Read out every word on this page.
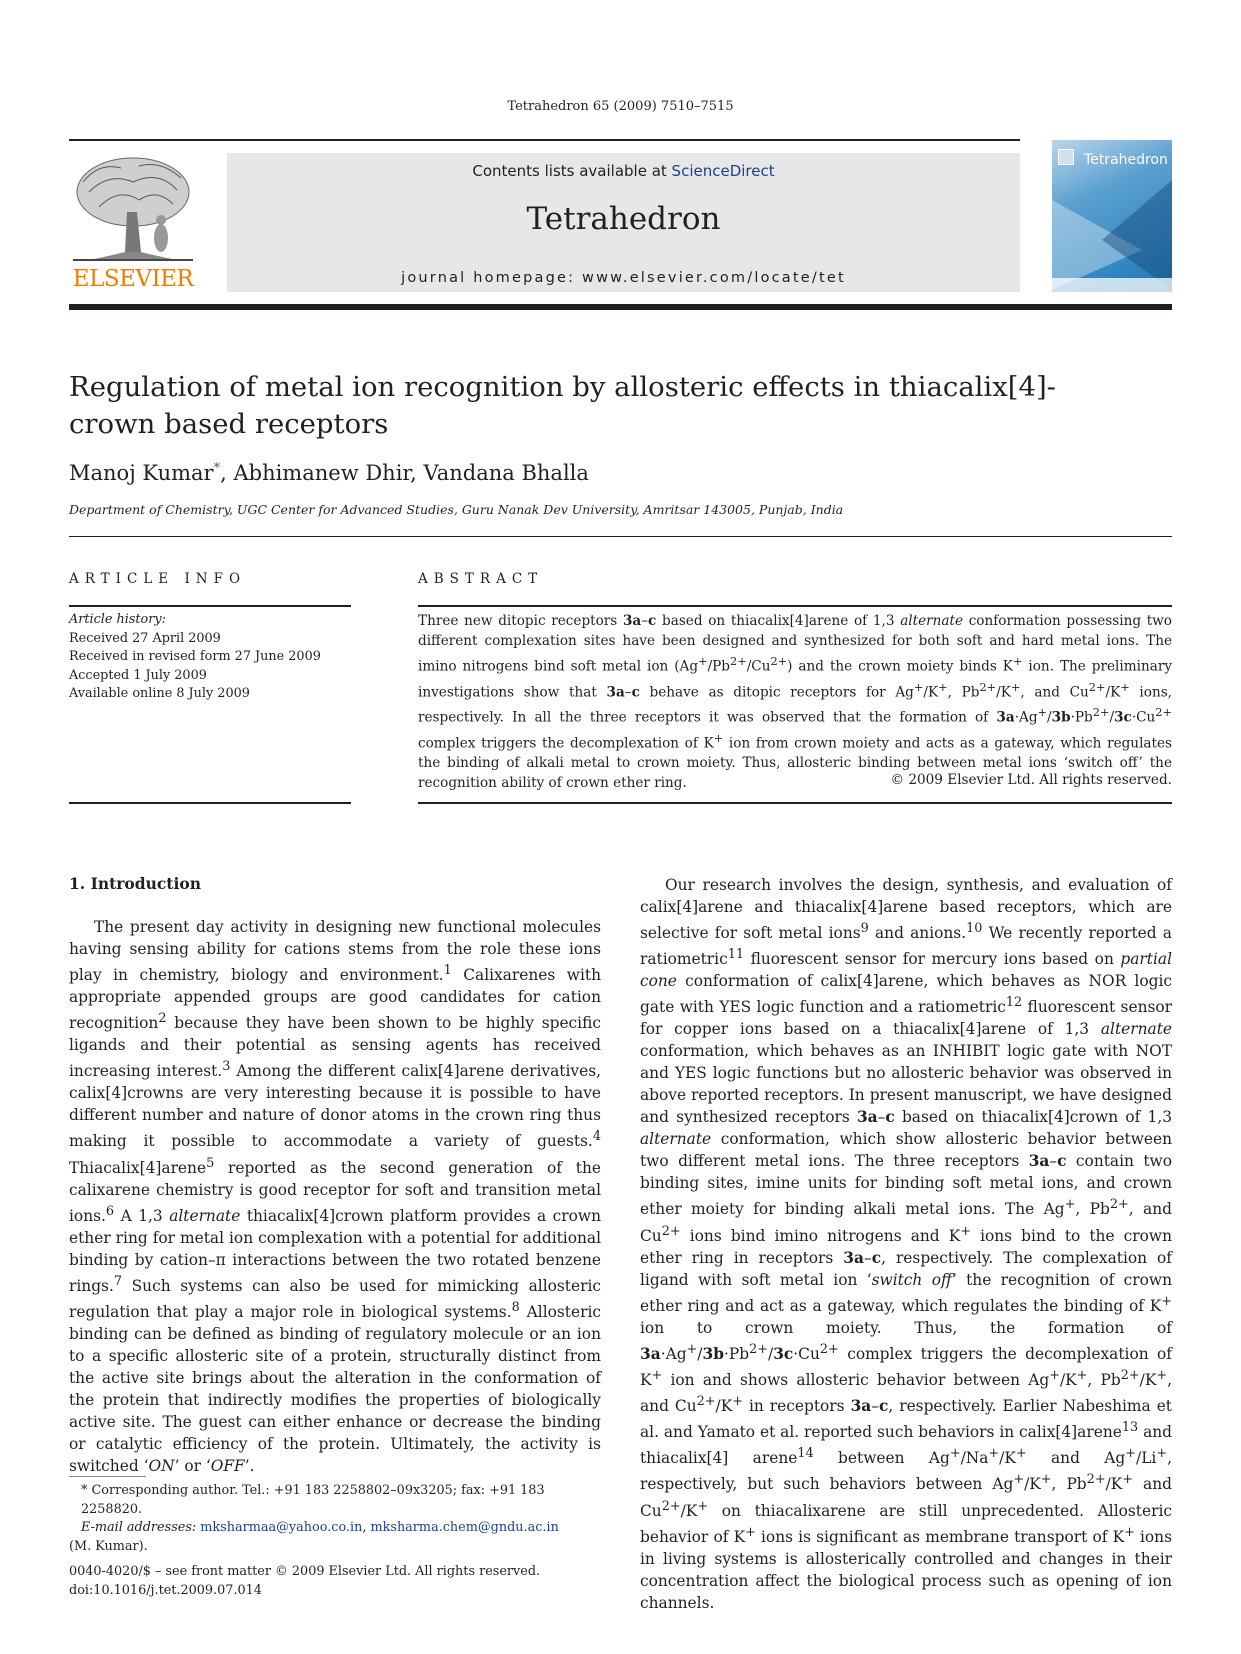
Tetrahedron 65 (2009) 7510–7515
ELSEVIER
Contents lists available at ScienceDirect
Tetrahedron
journal homepage: www.elsevier.com/locate/tet
Tetrahedron
Regulation of metal ion recognition by allosteric effects in thiacalix[4]-crown based receptors
Manoj Kumar*, Abhimanew Dhir, Vandana Bhalla
Department of Chemistry, UGC Center for Advanced Studies, Guru Nanak Dev University, Amritsar 143005, Punjab, India
ARTICLE INFO
Article history:
Received 27 April 2009
Received in revised form 27 June 2009
Accepted 1 July 2009
Available online 8 July 2009
ABSTRACT
Three new ditopic receptors 3a–c based on thiacalix[4]arene of 1,3 alternate conformation possessing two different complexation sites have been designed and synthesized for both soft and hard metal ions. The imino nitrogens bind soft metal ion $(Ag^+/Pb^{2+}/Cu^{2+})$ and the crown moiety binds K+ ion. The preliminary investigations show that 3a–c behave as ditopic receptors for Ag+/K+, $Pb^{2+}/K^+$, and $Cu^{2+}/K^+$ ions, respectively. In all the three receptors it was observed that the formation of $3a\cdot Ag^+/3b\cdot Pb^{2+}/3c\cdot Cu^{2+}$ complex triggers the decomplexation of K+ ion from crown moiety and acts as a gateway, which regulates the binding of alkali metal to crown moiety. Thus, allosteric binding between metal ions ‘switch off’ the recognition ability of crown ether ring.	© 2009 Elsevier Ltd. All rights reserved.
1. Introduction

The present day activity in designing new functional molecules having sensing ability for cations stems from the role these ions play in chemistry, biology and environment.$^1$ Calixarenes with appropriate appended groups are good candidates for cation recognition$^2$ because they have been shown to be highly specific ligands and their potential as sensing agents has received increasing interest.$^3$ Among the different calix[4]arene derivatives, calix[4]crowns are very interesting because it is possible to have different number and nature of donor atoms in the crown ring thus making it possible to accommodate a variety of guests.$^4$ Thiacalix[4]arene$^5$ reported as the second generation of the calixarene chemistry is good receptor for soft and transition metal ions.$^6$ A 1,3 alternate thiacalix[4]crown platform provides a crown ether ring for metal ion complexation with a potential for additional binding by cation–π interactions between the two rotated benzene rings.$^7$ Such systems can also be used for mimicking allosteric regulation that play a major role in biological systems.$^8$ Allosteric binding can be defined as binding of regulatory molecule or an ion to a specific allosteric site of a protein, structurally distinct from the active site brings about the alteration in the conformation of the protein that indirectly modifies the properties of biologically active site. The guest can either enhance or decrease the binding or catalytic efficiency of the protein. Ultimately, the activity is switched ‘ON’ or ‘OFF’.

Our research involves the design, synthesis, and evaluation of calix[4]arene and thiacalix[4]arene based receptors, which are selective for soft metal ions$^9$ and anions.$^{10}$ We recently reported a ratiometric$^{11}$ fluorescent sensor for mercury ions based on partial cone conformation of calix[4]arene, which behaves as NOR logic gate with YES logic function and a ratiometric$^{12}$ fluorescent sensor for copper ions based on a thiacalix[4]arene of 1,3 alternate conformation, which behaves as an INHIBIT logic gate with NOT and YES logic functions but no allosteric behavior was observed in above reported receptors. In present manuscript, we have designed and synthesized receptors 3a–c based on thiacalix[4]crown of 1,3 alternate conformation, which show allosteric behavior between two different metal ions. The three receptors 3a–c contain two binding sites, imine units for binding soft metal ions, and crown ether moiety for binding alkali metal ions. The Ag+, $Pb^{2+}$, and $Cu^{2+}$ ions bind imino nitrogens and K+ ions bind to the crown ether ring in receptors 3a–c, respectively. The complexation of ligand with soft metal ion ‘switch off’ the recognition of crown ether ring and act as a gateway, which regulates the binding of K+ ion to crown moiety. Thus, the formation of $3a\cdot Ag^+/3b\cdot Pb^{2+}/3c\cdot Cu^{2+}$ complex triggers the decomplexation of K+ ion and shows allosteric behavior between Ag+/K+, $Pb^{2+}/K^+$, and $Cu^{2+}/K^+$ in receptors 3a–c, respectively. Earlier Nabeshima et al. and Yamato et al. reported such behaviors in calix[4]arene$^{13}$ and thiacalix[4] arene$^{14}$ between Ag+/Na+/K+ and Ag+/Li+, respectively, but such behaviors between Ag+/K+, $Pb^{2+}/K^+$ and $Cu^{2+}/K^+$ on thiacalixarene are still unprecedented. Allosteric behavior of K+ ions is significant as membrane transport of K+ ions in living systems is allosterically controlled and changes in their concentration affect the biological process such as opening of ion channels.

* Corresponding author. Tel.: +91 183 2258802–09x3205; fax: +91 183 2258820.
E-mail addresses: mksharmaa@yahoo.co.in, mksharma.chem@gndu.ac.in
(M. Kumar).
0040-4020/$ – see front matter © 2009 Elsevier Ltd. All rights reserved.
doi:10.1016/j.tet.2009.07.014
